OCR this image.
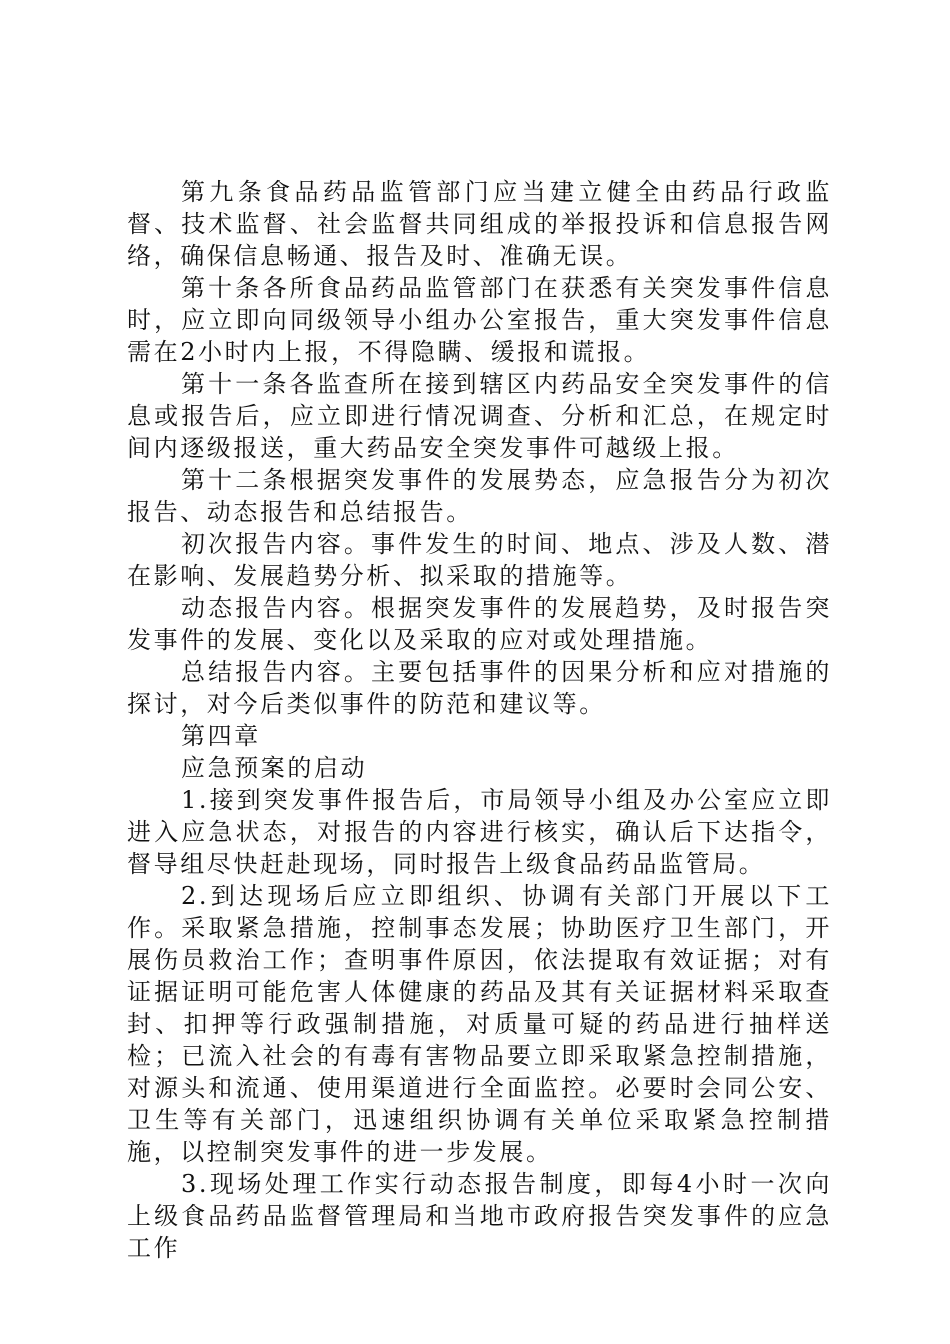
第九条食品药品监管部门应当建立健全由药品行政监督、技术监督、社会监督共同组成的举报投诉和信息报告网络，确保信息畅通、报告及时、准确无误。

第十条各所食品药品监管部门在获悉有关突发事件信息时，应立即向同级领导小组办公室报告，重大突发事件信息需在2小时内上报，不得隐瞒、缓报和谎报。

第十一条各监查所在接到辖区内药品安全突发事件的信息或报告后，应立即进行情况调查、分析和汇总，在规定时间内逐级报送，重大药品安全突发事件可越级上报。

第十二条根据突发事件的发展势态，应急报告分为初次报告、动态报告和总结报告。

初次报告内容。事件发生的时间、地点、涉及人数、潜在影响、发展趋势分析、拟采取的措施等。

动态报告内容。根据突发事件的发展趋势，及时报告突发事件的发展、变化以及采取的应对或处理措施。

总结报告内容。主要包括事件的因果分析和应对措施的探讨，对今后类似事件的防范和建议等。

第四章

应急预案的启动

1.接到突发事件报告后，市局领导小组及办公室应立即进入应急状态，对报告的内容进行核实，确认后下达指令，督导组尽快赶赴现场，同时报告上级食品药品监管局。

2.到达现场后应立即组织、协调有关部门开展以下工作。采取紧急措施，控制事态发展；协助医疗卫生部门，开展伤员救治工作；查明事件原因，依法提取有效证据；对有证据证明可能危害人体健康的药品及其有关证据材料采取查封、扣押等行政强制措施，对质量可疑的药品进行抽样送检；已流入社会的有毒有害物品要立即采取紧急控制措施，对源头和流通、使用渠道进行全面监控。必要时会同公安、卫生等有关部门，迅速组织协调有关单位采取紧急控制措施，以控制突发事件的进一步发展。

3.现场处理工作实行动态报告制度，即每4小时一次向上级食品药品监督管理局和当地市政府报告突发事件的应急工作
